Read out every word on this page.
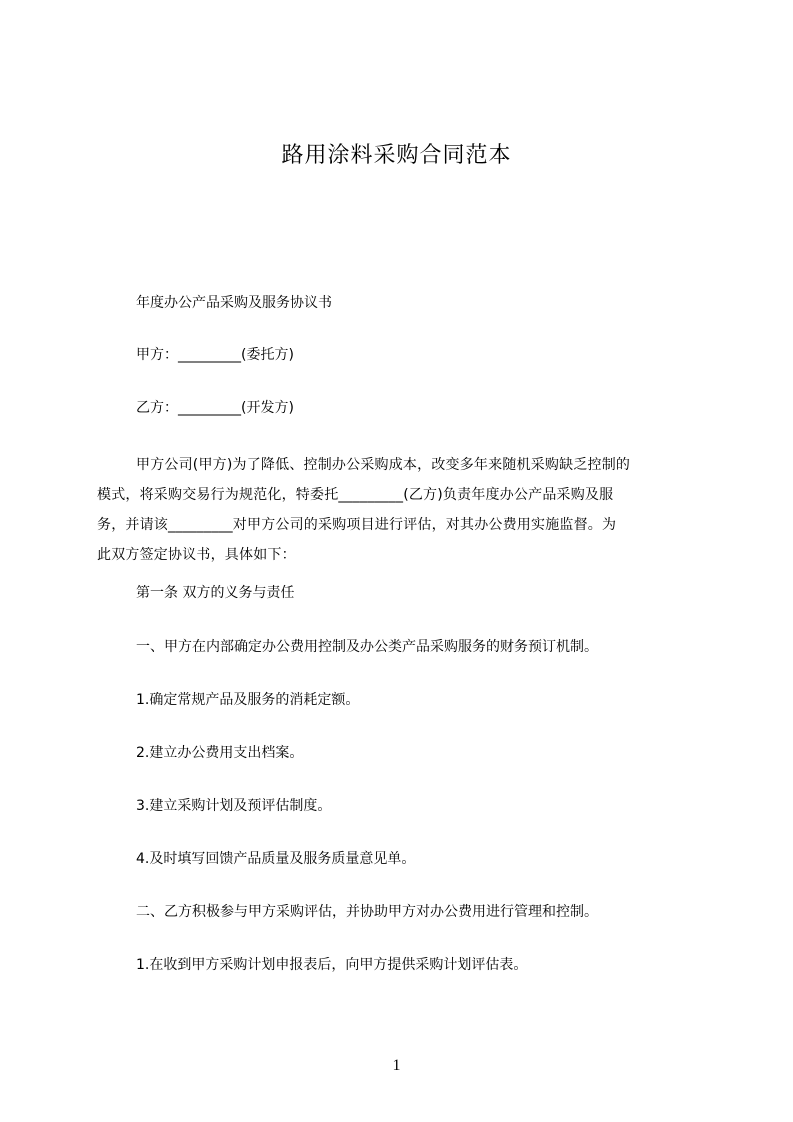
路用涂料采购合同范本
年度办公产品采购及服务协议书
甲方：_________(委托方)
乙方：_________(开发方)
甲方公司(甲方)为了降低、控制办公采购成本，改变多年来随机采购缺乏控制的
模式，将采购交易行为规范化，特委托_________(乙方)负责年度办公产品采购及服
务，并请该_________对甲方公司的采购项目进行评估，对其办公费用实施监督。为
此双方签定协议书，具体如下：
第一条 双方的义务与责任
一、甲方在内部确定办公费用控制及办公类产品采购服务的财务预订机制。
1.确定常规产品及服务的消耗定额。
2.建立办公费用支出档案。
3.建立采购计划及预评估制度。
4.及时填写回馈产品质量及服务质量意见单。
二、乙方积极参与甲方采购评估，并协助甲方对办公费用进行管理和控制。
1.在收到甲方采购计划申报表后，向甲方提供采购计划评估表。
1
